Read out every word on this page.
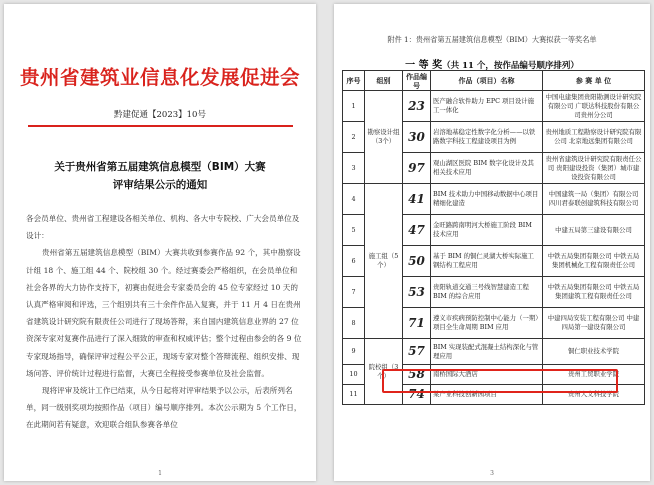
贵州省建筑业信息化发展促进会
黔建促通【2023】10号
关于贵州省第五届建筑信息模型（BIM）大赛
评审结果公示的通知

各会员单位、贵州省工程建设各相关单位、机构、各大中专院校、广大会员单位及设计：

贵州省第五届建筑信息模型（BIM）大赛共收到参赛作品 92 个，其中勘察设计组 18 个、施工组 44 个、院校组 30 个。经过赛委会严格组织，在会员单位和社会各界的大力协作支持下，初赛由促进会专家委员会的 45 位专家经过 10 天的认真严格审阅和评选，三个组别共有三十余件作品入复赛，并于 11 月 4 日在贵州省建筑设计研究院有限责任公司进行了现场答辩，来自国内建筑信息业界的 27 位资深专家对复赛作品进行了深入细致的审查和权威评估；整个过程由参会的各 9 位专家现场指导，确保评审过程公平公正，现场专家对整个答辩流程、组织安排、现场问答、评价统计过程进行监督，大赛已全程接受参赛单位及社会监督。

现将评审及统计工作已结束，从今日起将对评审结果予以公示，后表所列名单，同一级别奖项均按照作品（项目）编号顺序排列。本次公示期为 5 个工作日，在此期间若有疑意，欢迎联合组队参赛各单位

1
附件 1：贵州省第五届建筑信息模型（BIM）大赛拟获一等奖名单
一 等 奖（共 11 个，按作品编号顺序排列）
序号	组别	作品编号	作品（项目）名称	参 赛 单 位
1	勘察设计组（3个）	23	医产融合软件助力 EPC 项目设计施工一体化	中国电建集团贵阳勘测设计研究院有限公司 广联达科技股份有限公司贵州分公司
2		30	岩溶地基稳定性数字化分析——以铁路数字科技工程建设项目为例	贵州地质工程勘察设计研究院有限公司 北京地远集团有限公司
3		97	观山湖区医院 BIM 数字化设计及其相关技术应用	贵州省建筑设计研究院有限责任公司 贵阳建设投资（集团）城市建设投资有限公司
4	施工组（5个）	41	BIM 技术助力中国移动数据中心项目精细化建造	中国建筑一局（集团）有限公司 四川君泰联创建筑科技有限公司
5		47	金旺路跨南明河大桥施工阶段 BIM 技术应用	中建五局第三建设有限公司
6		50	基于 BIM 的铜仁灵湖大桥实际施工钢结构工程应用	中铁五局集团有限公司 中铁五局集团机械化工程有限责任公司
7		53	贵阳轨道交通三号线智慧建造工程 BIM 的综合应用	中铁五局集团有限公司 中铁五局集团建筑工程有限责任公司
8		71	遵义市疾病预防控制中心能力（一期）项目全生命周期 BIM 应用	中建四局安装工程有限公司 中建四局第一建设有限公司
9	院校组（3个）	57	BIM 实现装配式混凝土结构深化与管理应用	铜仁职业技术学院
10		58	南桥国际大酒店	贵州工贸职业学院
11		74	某产业科技创新园项目	贵州人文科技学院
3
